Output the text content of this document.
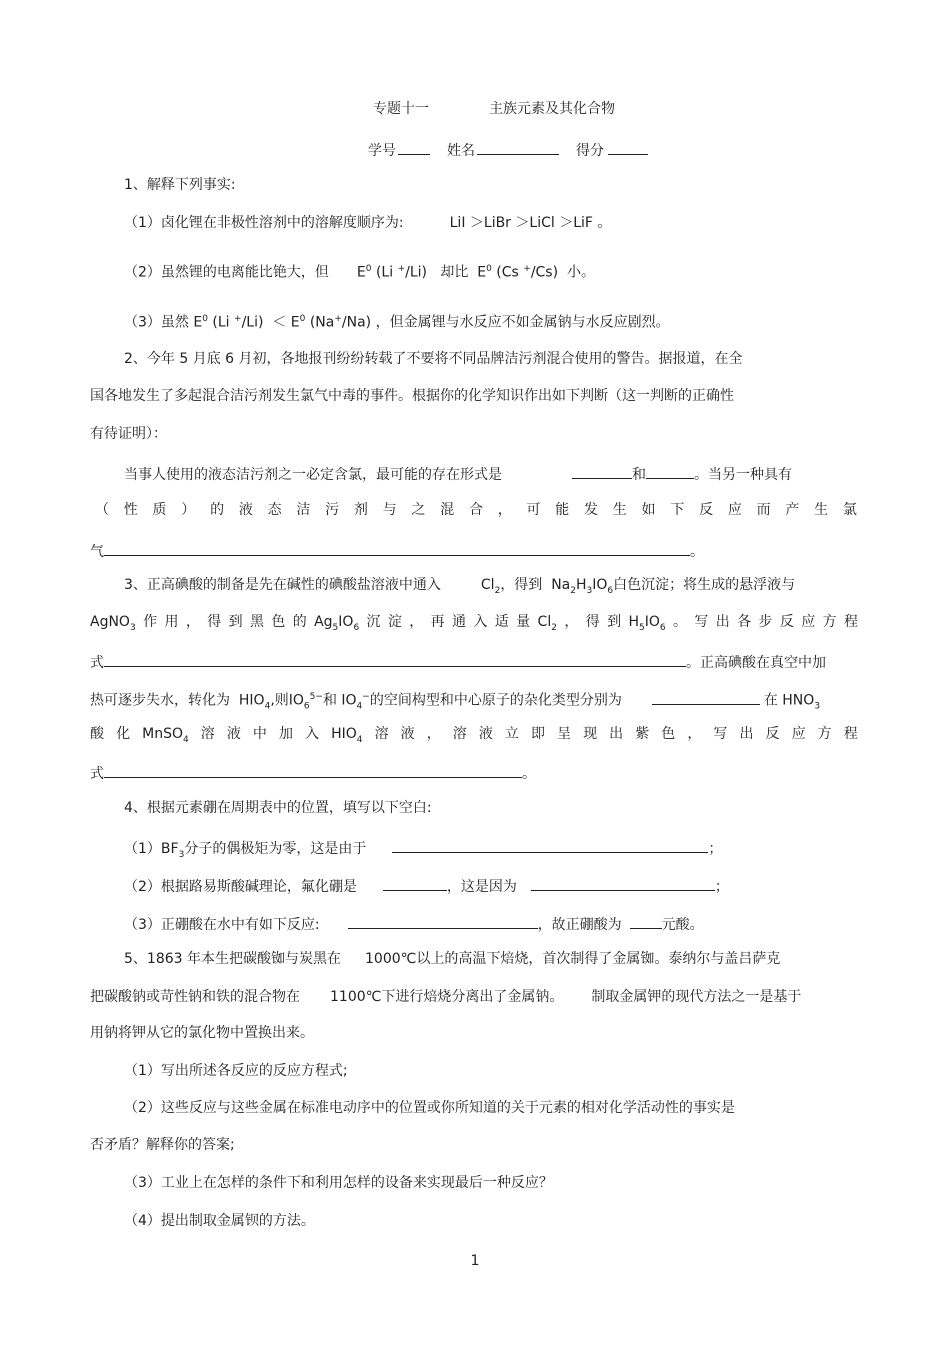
专题十一	主族元素及其化合物
学号	姓名	得分
1、解释下列事实:
（1）卤化锂在非极性溶剂中的溶解度顺序为:	LiI ＞LiBr ＞LiCl ＞LiF 。
（2）虽然锂的电离能比铯大，但 $E^0$ (Li +/Li)   却比  $E^0$ (Cs +/Cs)  小。
（3）虽然 $E^0$ (Li $^+/Li) < E^0$ (Na+/Na) ，但金属锂与水反应不如金属钠与水反应剧烈。
2、今年 5 月底 6 月初，各地报刊纷纷转载了不要将不同品牌洁污剂混合使用的警告。据报道，在全
国各地发生了多起混合洁污剂发生氯气中毒的事件。根据你的化学知识作出如下判断（这一判断的正确性
有待证明）：
当事人使用的液态洁污剂之一必定含氯，最可能的存在形式是	和	。当另一种具有
（ 性 质 ） 的 液 态 洁 污 剂 与 之 混 合 ， 可 能 发 生 如 下 反 应 而 产 生 氯
气	。
3、正高碘酸的制备是先在碱性的碘酸盐溶液中通入	$Cl_2$，得到  $Na_2H_3IO_6$白色沉淀；将生成的悬浮液与
AgNO$_3$ 作 用 ， 得 到 黑 色 的 $Ag_5IO_6$ 沉 淀 ， 再 通 入 适 量 $Cl_2$ ， 得 到 $H_5IO_6$ 。 写 出 各 步 反 应 方 程
式	。正高碘酸在真空中加
热可逐步失水，转化为  $HIO_4$,则$IO_6^{5-}$和 $IO_4^-$的空间构型和中心原子的杂化类型分别为	在 $HNO_3$
酸 化 MnSO$_4$ 溶 液 中 加 入 $HIO_4$ 溶 液 ， 溶 液 立 即 呈 现 出 紫 色 ， 写 出 反 应 方 程
式	。
4、根据元素硼在周期表中的位置，填写以下空白:
$(1)BF_3$分子的偶极矩为零，这是由于	；
（2）根据路易斯酸碱理论，氟化硼是	，这是因为	；
（3）正硼酸在水中有如下反应:	，故正硼酸为	元酸。
5、1863 年本生把碳酸铷与炭黑在 1000℃以上的高温下焙烧，首次制得了金属铷。泰纳尔与盖吕萨克
把碳酸钠或苛性钠和铁的混合物在 1100℃下进行焙烧分离出了金属钠。 制取金属钾的现代方法之一是基于
用钠将钾从它的氯化物中置换出来。
（1）写出所述各反应的反应方程式;
（2）这些反应与这些金属在标准电动序中的位置或你所知道的关于元素的相对化学活动性的事实是
否矛盾？解释你的答案;
（3）工业上在怎样的条件下和利用怎样的设备来实现最后一种反应？
（4）提出制取金属钡的方法。
1
